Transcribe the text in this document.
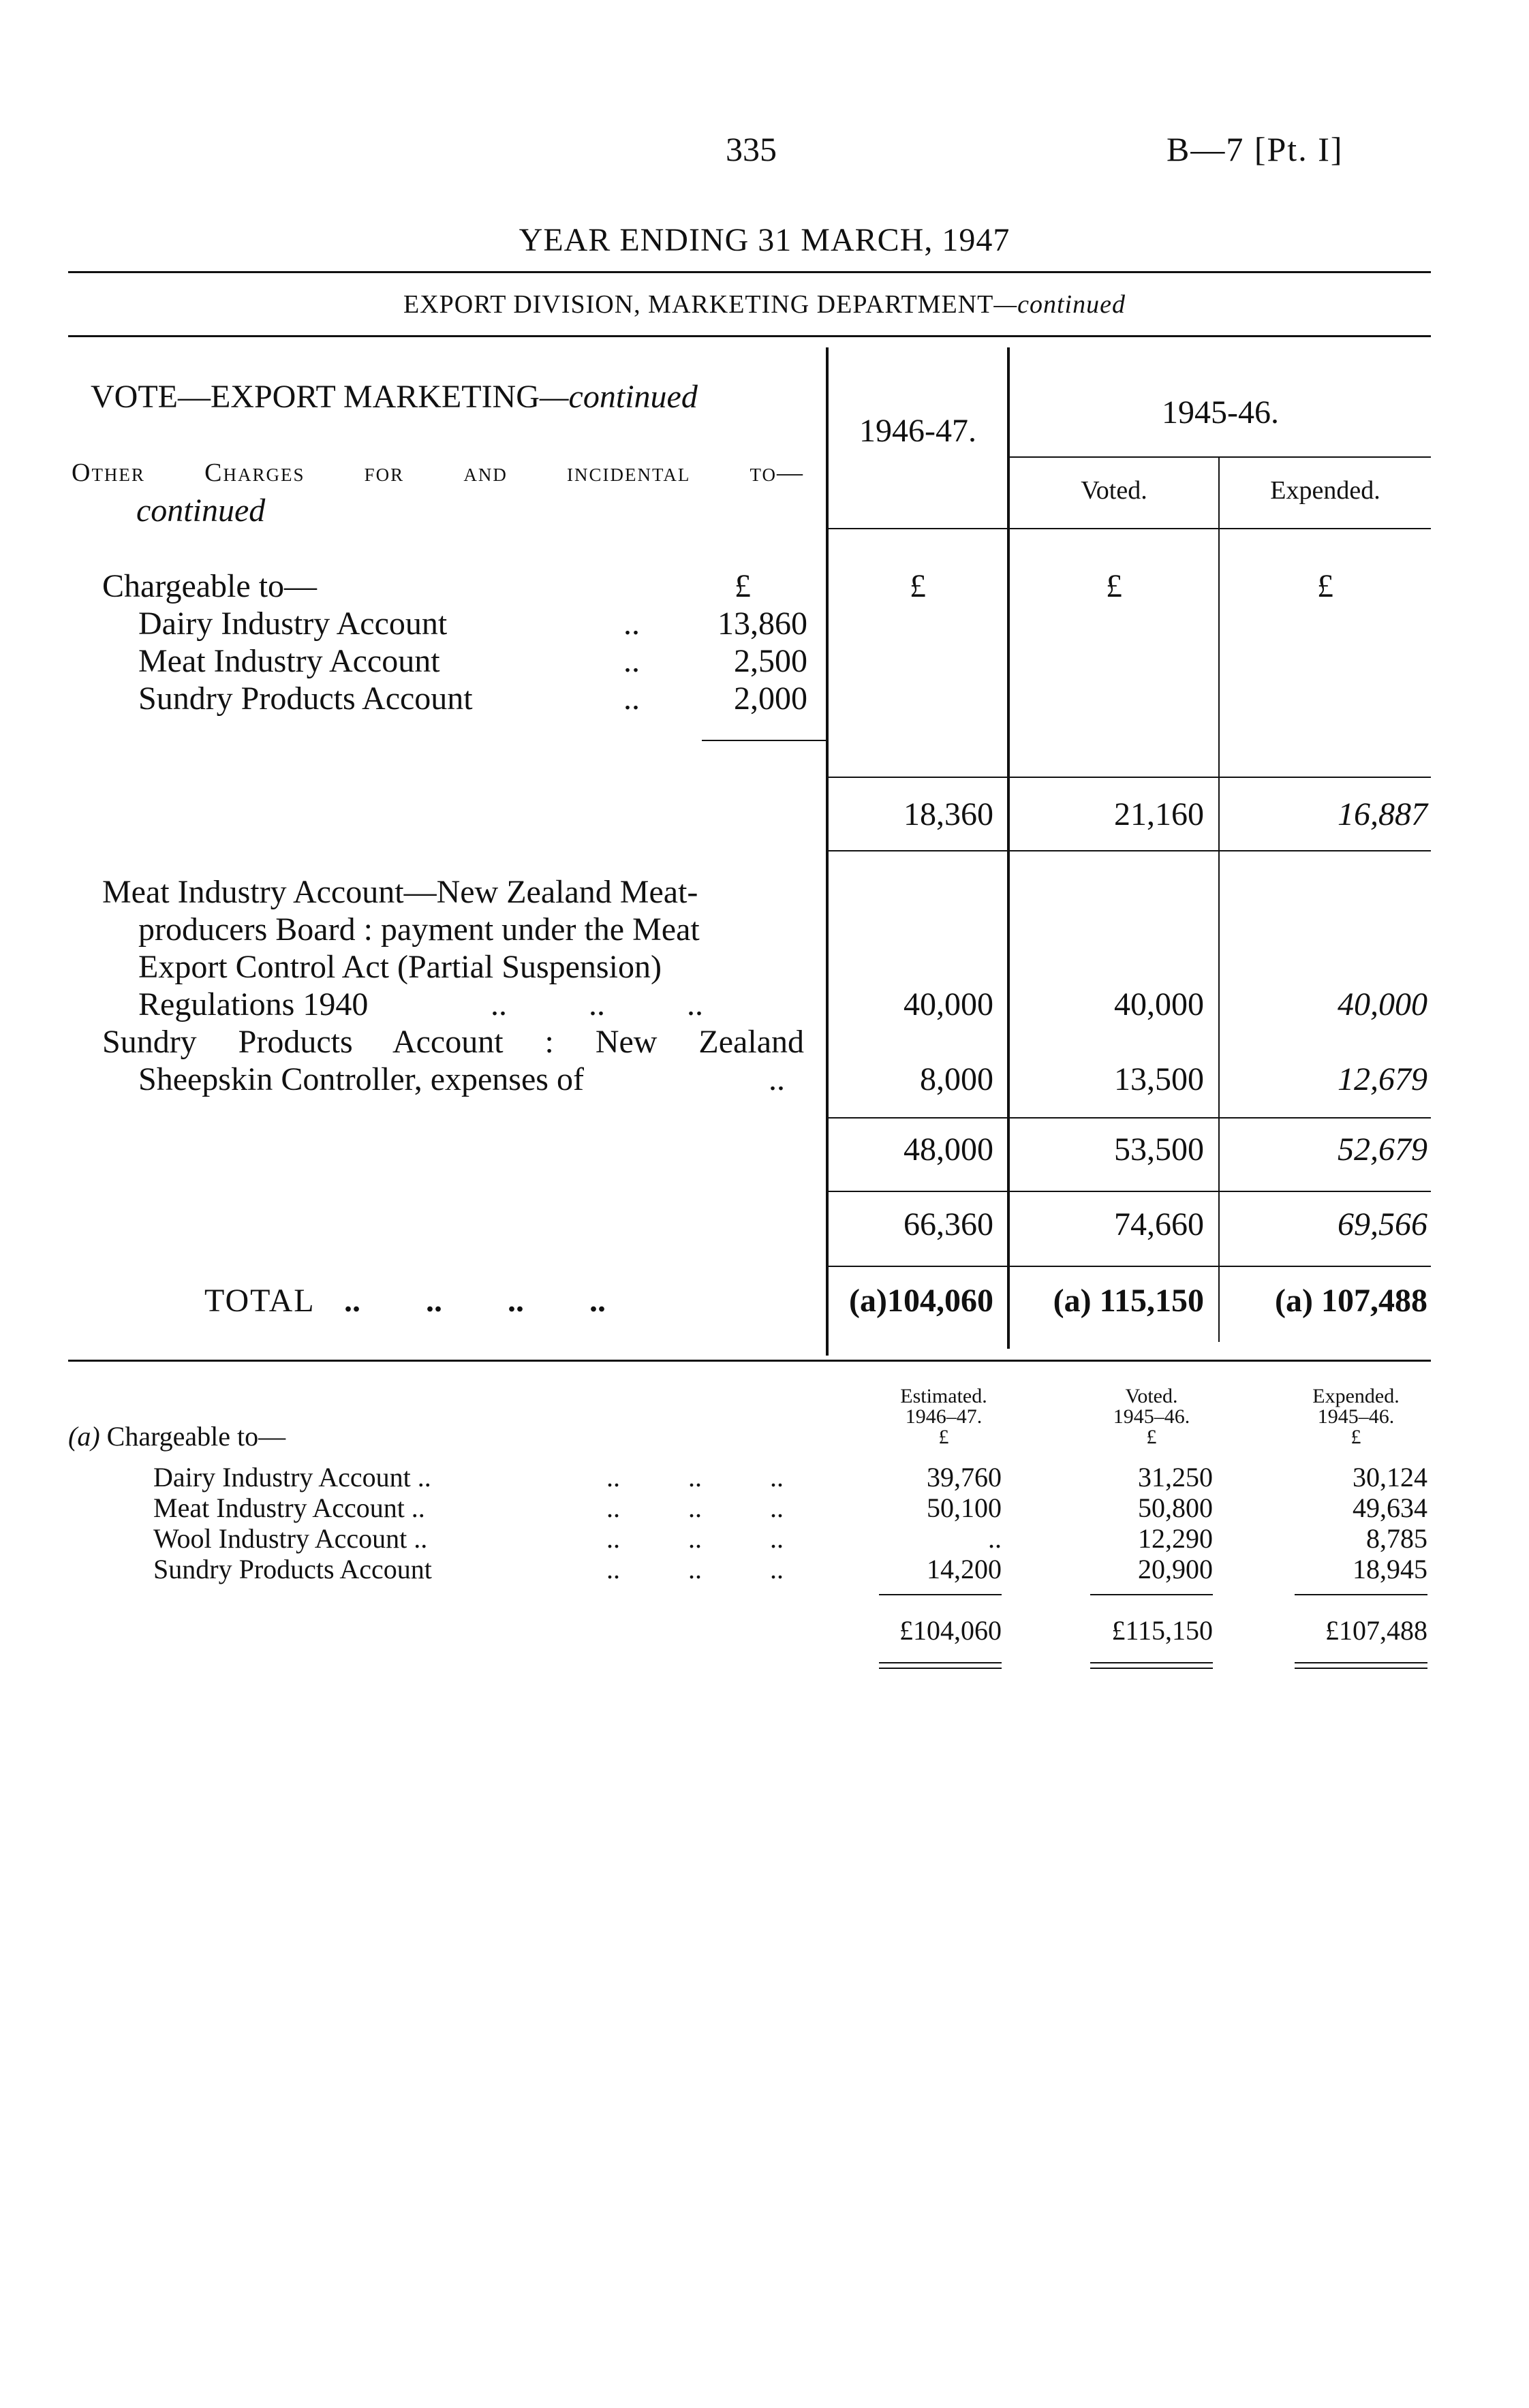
335	B—7 [Pt. I]
YEAR ENDING 31 MARCH, 1947
EXPORT DIVISION, MARKETING DEPARTMENT—continued
1946-47.
1945-46.
Voted.	Expended.
VOTE—EXPORT MARKETING—continued
Other Charges for and incidental to—
continued
Chargeable to—	£	£	£	£
Dairy Industry Account	..	13,860
Meat Industry Account	..	2,500
Sundry Products Account	..	2,000
18,360	21,160	16,887
Meat Industry Account—New Zealand Meat-
producers Board : payment under the Meat
Export Control Act (Partial Suspension)
Regulations 1940	..          ..          ..	40,000	40,000	40,000
Sundry Products Account : New Zealand
Sheepskin Controller, expenses of	..	8,000	13,500	12,679
48,000	53,500	52,679
66,360	74,660	69,566
TOTAL ..        ..        ..        ..	(a)104,060	(a) 115,150	(a) 107,488
Estimated.
1946–47.
£
Voted.
1945–46.
£
Expended.
1945–46.
£
(a) Chargeable to—
Dairy Industry Account ..	..          ..          ..	39,760	31,250	30,124
Meat Industry Account ..	..          ..          ..	50,100	50,800	49,634
Wool Industry Account ..	..          ..          ..	..	12,290	8,785
Sundry Products Account	..          ..          ..	14,200	20,900	18,945
£104,060	£115,150	£107,488
